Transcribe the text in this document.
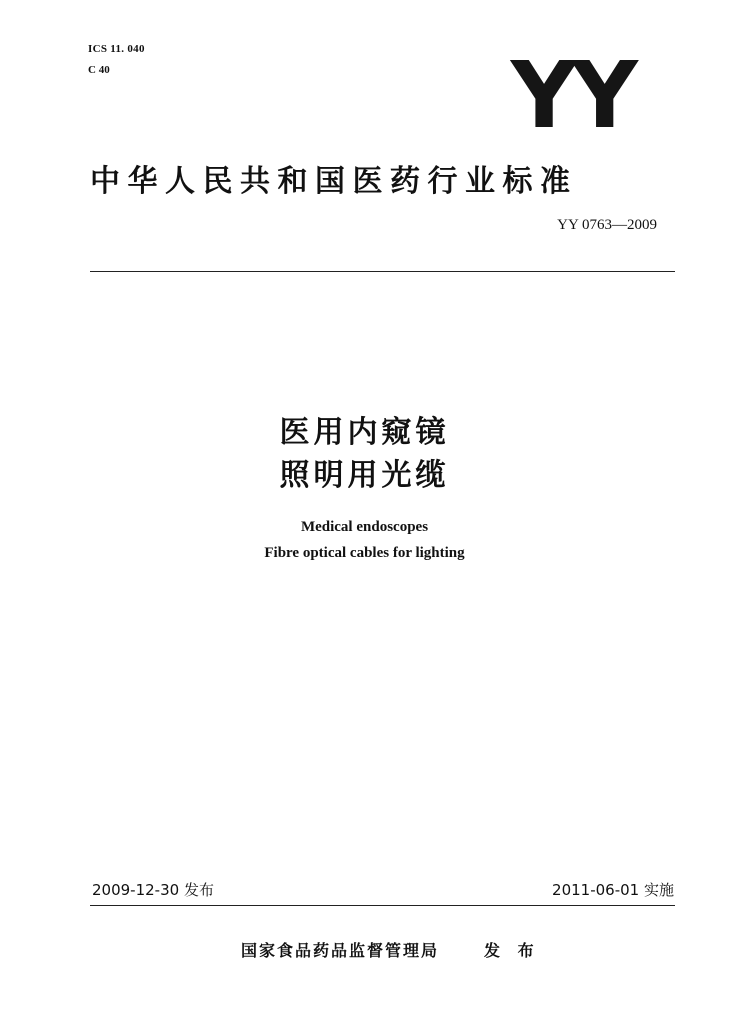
ICS 11. 040
C 40	YY
中华人民共和国医药行业标准
YY 0763—2009
医用内窥镜
照明用光缆
Medical endoscopes
Fibre optical cables for lighting
2009-12-30 发布	2011-06-01 实施
国家食品药品监督管理局	发 布
